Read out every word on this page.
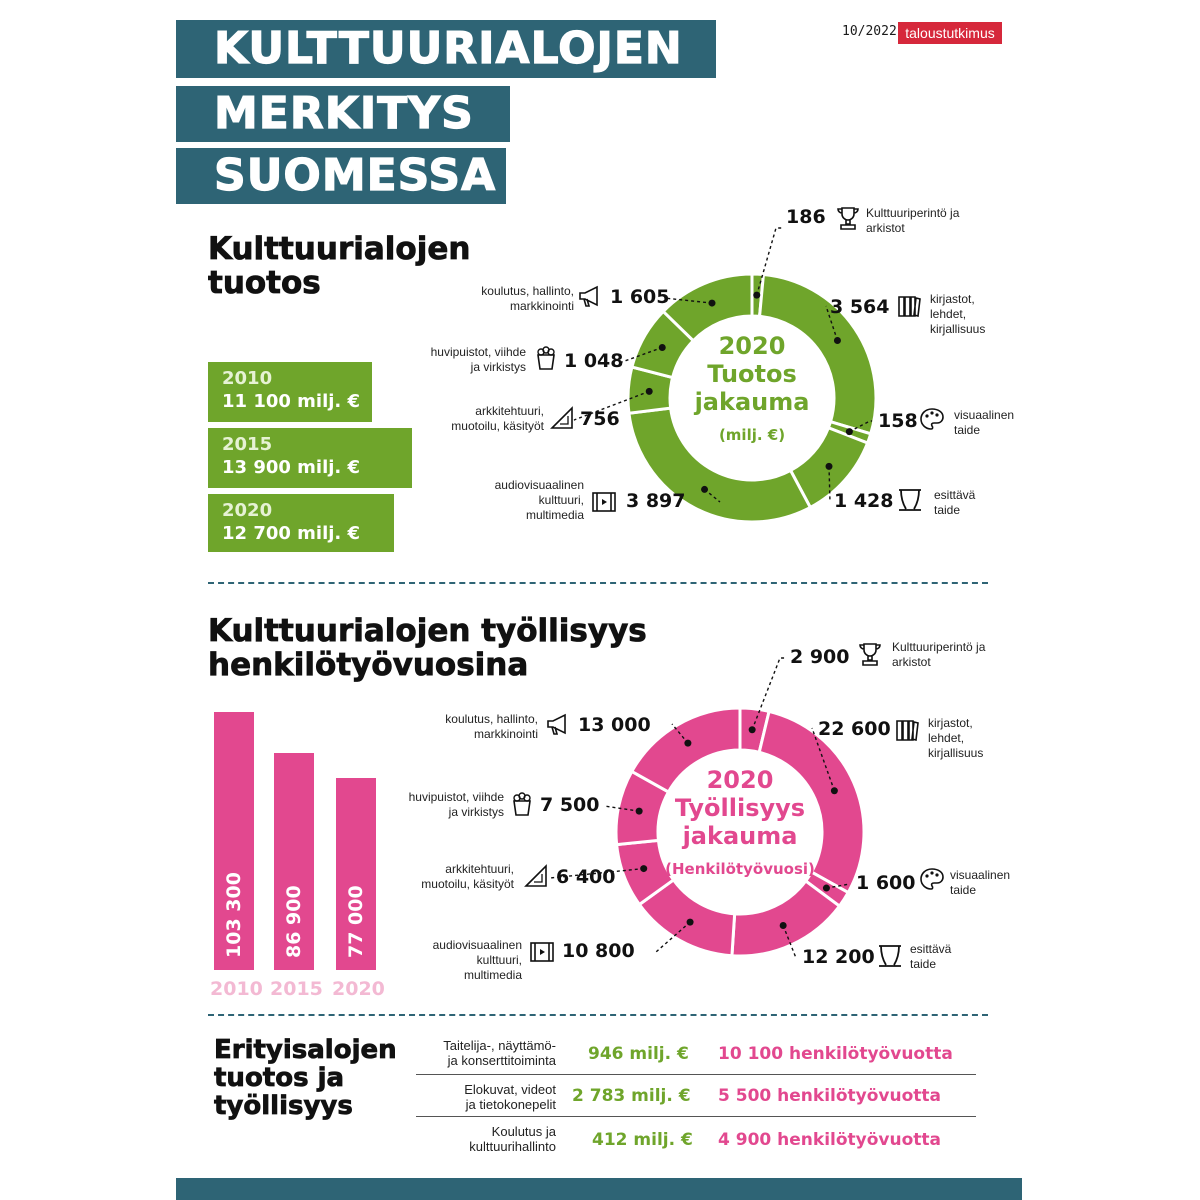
KULTTUURIALOJEN
MERKITYS
SUOMESSA
10/2022 taloustutkimus
Kulttuurialojen
tuotos
2010
11 100 milj. €
2015
13 900 milj. €
2020
12 700 milj. €
2020
Tuotos
jakauma
(milj. €)
186	Kulttuuriperintö ja
arkistot
3 564	kirjastot,
lehdet,
kirjallisuus
158	visuaalinen
taide
1 428	esittävä
taide
3 897
audiovisuaalinen
kulttuuri,
multimedia
756
arkkitehtuuri,
muotoilu, käsityöt
1 048
huvipuistot, viihde
ja virkistys
1 605
koulutus, hallinto,
markkinointi
Kulttuurialojen työllisyys
henkilötyövuosina
103 300
2010
86 900
2015
77 000
2020
2020
Työllisyys
jakauma
(Henkilötyövuosi)
2 900	Kulttuuriperintö ja
arkistot
22 600	kirjastot,
lehdet,
kirjallisuus
1 600	visuaalinen
taide
12 200	esittävä
taide
10 800
audiovisuaalinen
kulttuuri,
multimedia
6 400
arkkitehtuuri,
muotoilu, käsityöt
7 500
huvipuistot, viihde
ja virkistys
13 000
koulutus, hallinto,
markkinointi
Erityisalojen
tuotos ja
työllisyys
Taitelija-, näyttämö-
ja konserttitoiminta 946 milj. € 10 100 henkilötyövuotta
Elokuvat, videot
ja tietokonepelit 2 783 milj. € 5 500 henkilötyövuotta
Koulutus ja
kulttuurihallinto 412 milj. € 4 900 henkilötyövuotta
